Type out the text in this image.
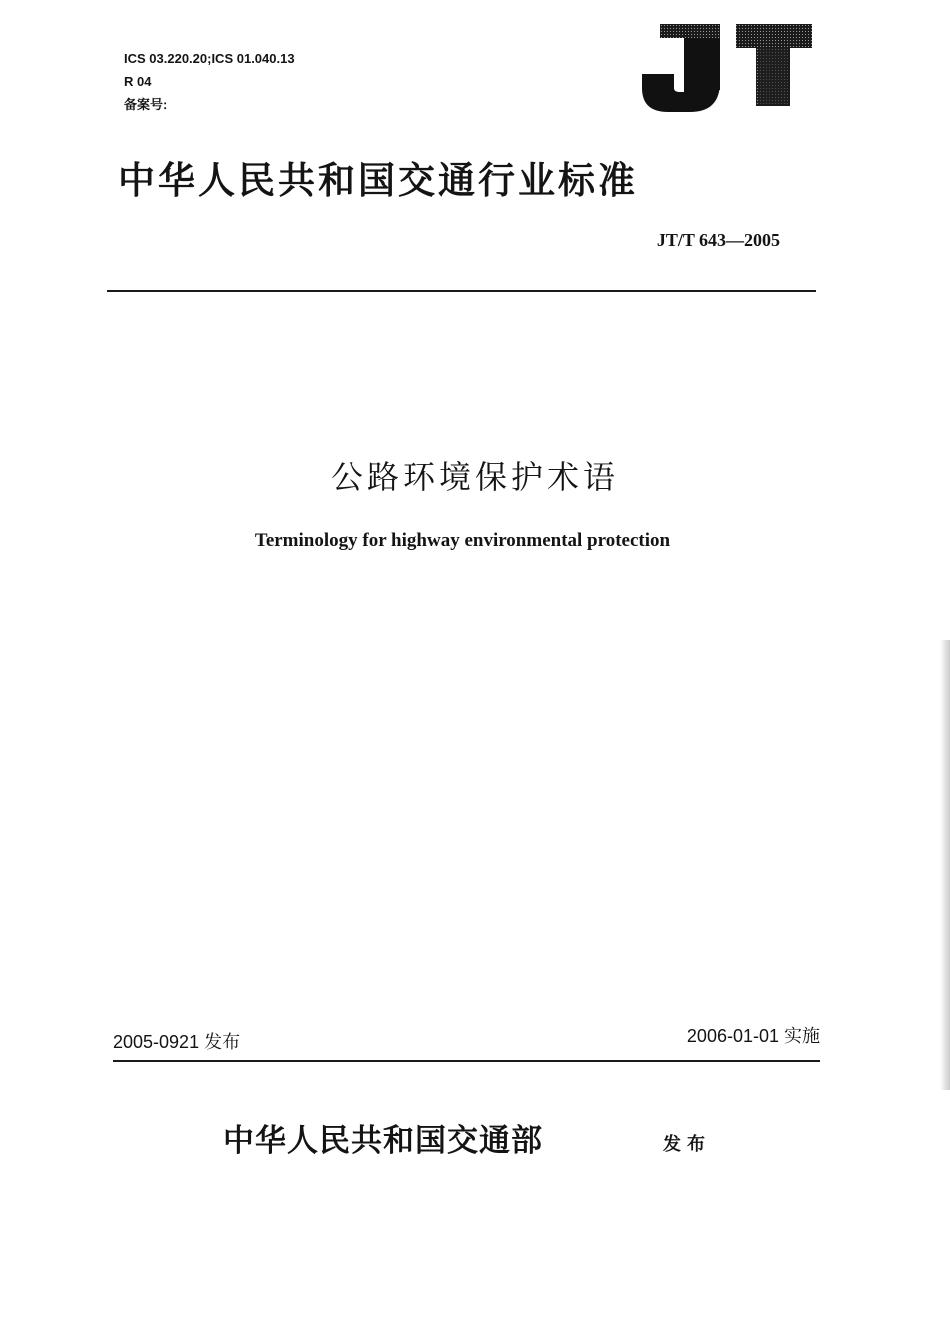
ICS 03.220.20;ICS 01.040.13
R 04
备案号:
中华人民共和国交通行业标准
JT/T 643—2005
公路环境保护术语
Terminology for highway environmental protection
2005-0921 发布	2006-01-01 实施
中华人民共和国交通部	发布
